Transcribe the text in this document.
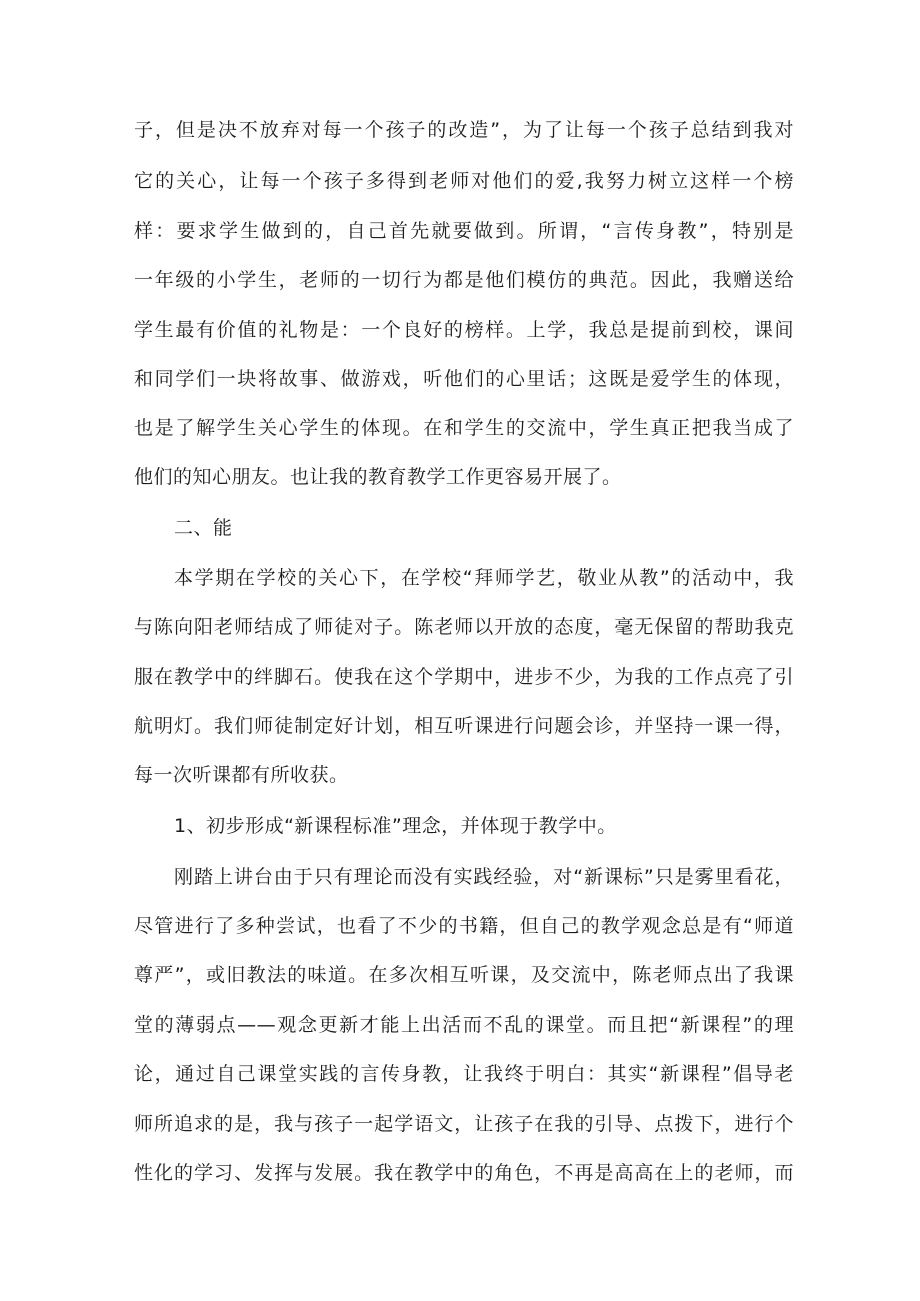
子，但是决不放弃对每一个孩子的改造”，为了让每一个孩子总结到我对
它的关心，让每一个孩子多得到老师对他们的爱,我努力树立这样一个榜
样：要求学生做到的，自己首先就要做到。所谓，“言传身教”，特别是
一年级的小学生，老师的一切行为都是他们模仿的典范。因此，我赠送给
学生最有价值的礼物是：一个良好的榜样。上学，我总是提前到校，课间
和同学们一块将故事、做游戏，听他们的心里话；这既是爱学生的体现，
也是了解学生关心学生的体现。在和学生的交流中，学生真正把我当成了
他们的知心朋友。也让我的教育教学工作更容易开展了。
二、能
本学期在学校的关心下，在学校“拜师学艺，敬业从教”的活动中，我
与陈向阳老师结成了师徒对子。陈老师以开放的态度，毫无保留的帮助我克
服在教学中的绊脚石。使我在这个学期中，进步不少，为我的工作点亮了引
航明灯。我们师徒制定好计划，相互听课进行问题会诊，并坚持一课一得，
每一次听课都有所收获。
1、初步形成“新课程标准”理念，并体现于教学中。
刚踏上讲台由于只有理论而没有实践经验，对“新课标”只是雾里看花，
尽管进行了多种尝试，也看了不少的书籍，但自己的教学观念总是有“师道
尊严”，或旧教法的味道。在多次相互听课，及交流中，陈老师点出了我课
堂的薄弱点——观念更新才能上出活而不乱的课堂。而且把“新课程”的理
论，通过自己课堂实践的言传身教，让我终于明白：其实“新课程”倡导老
师所追求的是，我与孩子一起学语文，让孩子在我的引导、点拨下，进行个
性化的学习、发挥与发展。我在教学中的角色，不再是高高在上的老师，而
